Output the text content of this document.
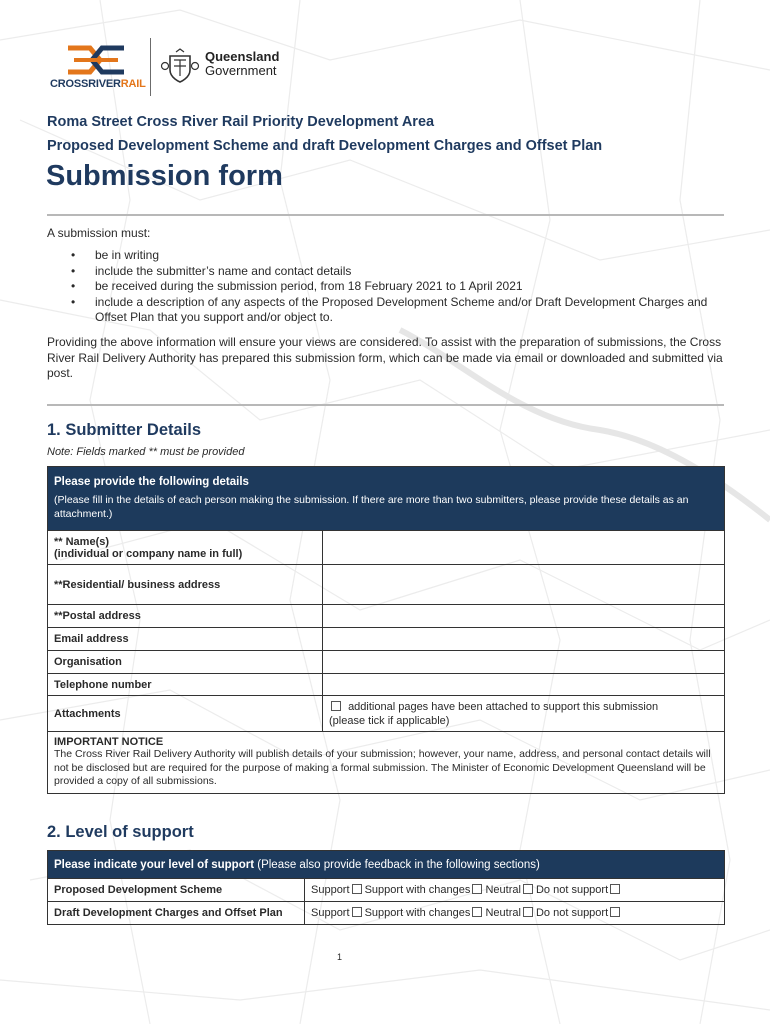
CROSSRIVERRAIL
Queensland
Government
Roma Street Cross River Rail Priority Development Area
Proposed Development Scheme and draft Development Charges and Offset Plan
Submission form
A submission must:
• be in writing
• include the submitter’s name and contact details
• be received during the submission period, from 18 February 2021 to 1 April 2021
• include a description of any aspects of the Proposed Development Scheme and/or Draft Development Charges and Offset Plan that you support and/or object to.
Providing the above information will ensure your views are considered. To assist with the preparation of submissions, the Cross River Rail Delivery Authority has prepared this submission form, which can be made via email or downloaded and submitted via post.
1. Submitter Details
Note: Fields marked ** must be provided
Please provide the following details
(Please fill in the details of each person making the submission. If there are more than two submitters, please provide these details as an attachment.)	

** Name(s)
(individual or company name in full)	

**Residential/ business address	
**Postal address	
Email address	
Organisation	
Telephone number	
Attachments	additional pages have been attached to support this submission
(please tick if applicable)

IMPORTANT NOTICE
The Cross River Rail Delivery Authority will publish details of your submission; however, your name, address, and personal contact details will not be disclosed but are required for the purpose of making a formal submission. The Minister of Economic Development Queensland will be provided a copy of all submissions.	
2. Level of support
Please indicate your level of support (Please also provide feedback in the following sections)	
Proposed Development Scheme	Support Support with changes Neutral Do not support
Draft Development Charges and Offset Plan	Support Support with changes Neutral Do not support
1
